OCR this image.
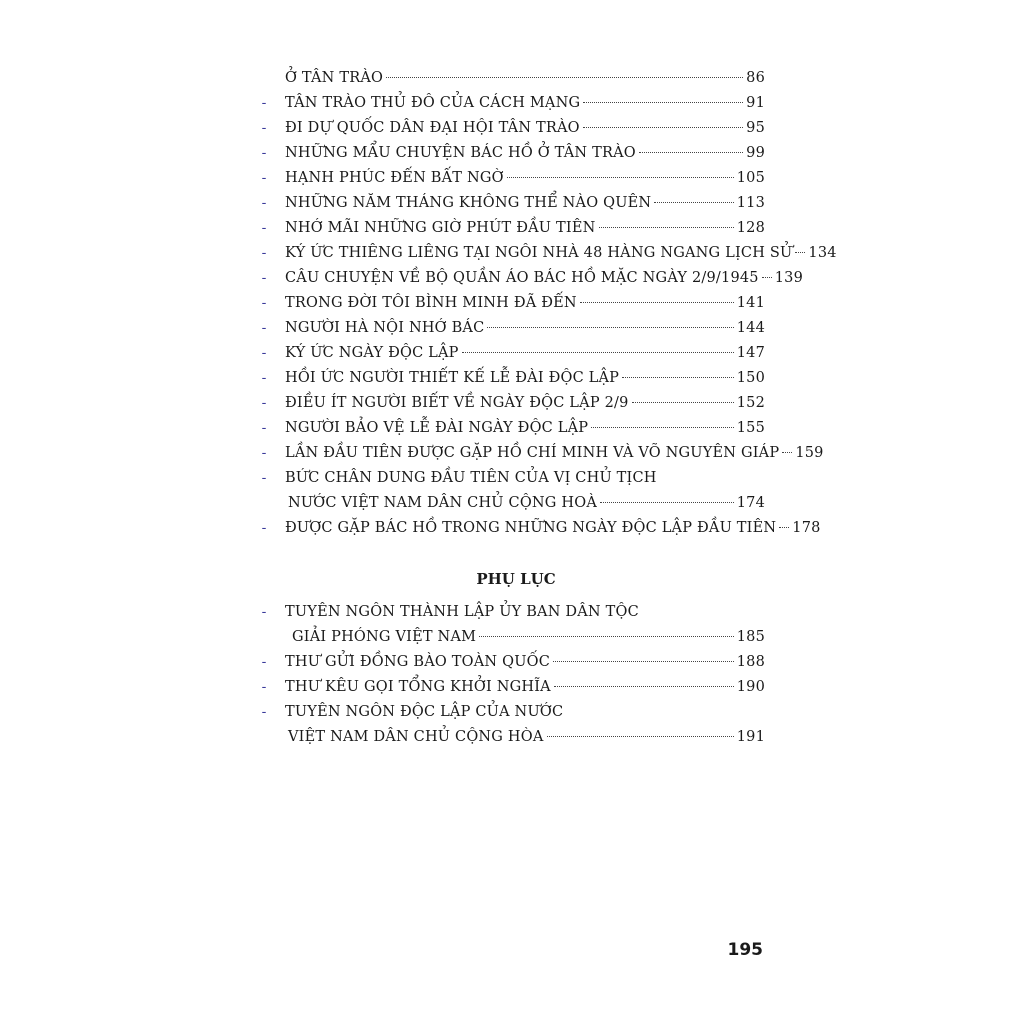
Ở TÂN TRÀO	86
-	TÂN TRÀO THỦ ĐÔ CỦA CÁCH MẠNG	91
-	ĐI DỰ QUỐC DÂN ĐẠI HỘI TÂN TRÀO	95
-	NHỮNG MẨU CHUYỆN BÁC HỒ Ở TÂN TRÀO	99
-	HẠNH PHÚC ĐẾN BẤT NGỜ	105
-	NHỮNG NĂM THÁNG KHÔNG THỂ NÀO QUÊN	113
-	NHỚ MÃI NHỮNG GIỜ PHÚT ĐẦU TIÊN	128
-	KÝ ỨC THIÊNG LIÊNG TẠI NGÔI NHÀ 48 HÀNG NGANG LỊCH SỬ 134
-	CÂU CHUYỆN VỀ BỘ QUẦN ÁO BÁC HỒ MẶC NGÀY 2/9/1945 139
-	TRONG ĐỜI TÔI BÌNH MINH ĐÃ ĐẾN	141
-	NGƯỜI HÀ NỘI NHỚ BÁC	144
-	KÝ ỨC NGÀY ĐỘC LẬP	147
-	HỒI ỨC NGƯỜI THIẾT KẾ LỄ ĐÀI ĐỘC LẬP	150
-	ĐIỀU ÍT NGƯỜI BIẾT VỀ NGÀY ĐỘC LẬP 2/9	152
-	NGƯỜI BẢO VỆ LỄ ĐÀI NGÀY ĐỘC LẬP	155
-	LẦN ĐẦU TIÊN ĐƯỢC GẶP HỒ CHÍ MINH VÀ VÕ NGUYÊN GIÁP 159
-	BỨC CHÂN DUNG ĐẦU TIÊN CỦA VỊ CHỦ TỊCH
NƯỚC VIỆT NAM DÂN CHỦ CỘNG HOÀ	174
-	ĐƯỢC GẶP BÁC HỒ TRONG NHỮNG NGÀY ĐỘC LẬP ĐẦU TIÊN 178
PHỤ LỤC
-	TUYÊN NGÔN THÀNH LẬP ỦY BAN DÂN TỘC
GIẢI PHÓNG VIỆT NAM	185
-	THƯ GỬI ĐỒNG BÀO TOÀN QUỐC	188
-	THƯ KÊU GỌI TỔNG KHỞI NGHĨA	190
-	TUYÊN NGÔN ĐỘC LẬP CỦA NƯỚC
VIỆT NAM DÂN CHỦ CỘNG HÒA	191
195
